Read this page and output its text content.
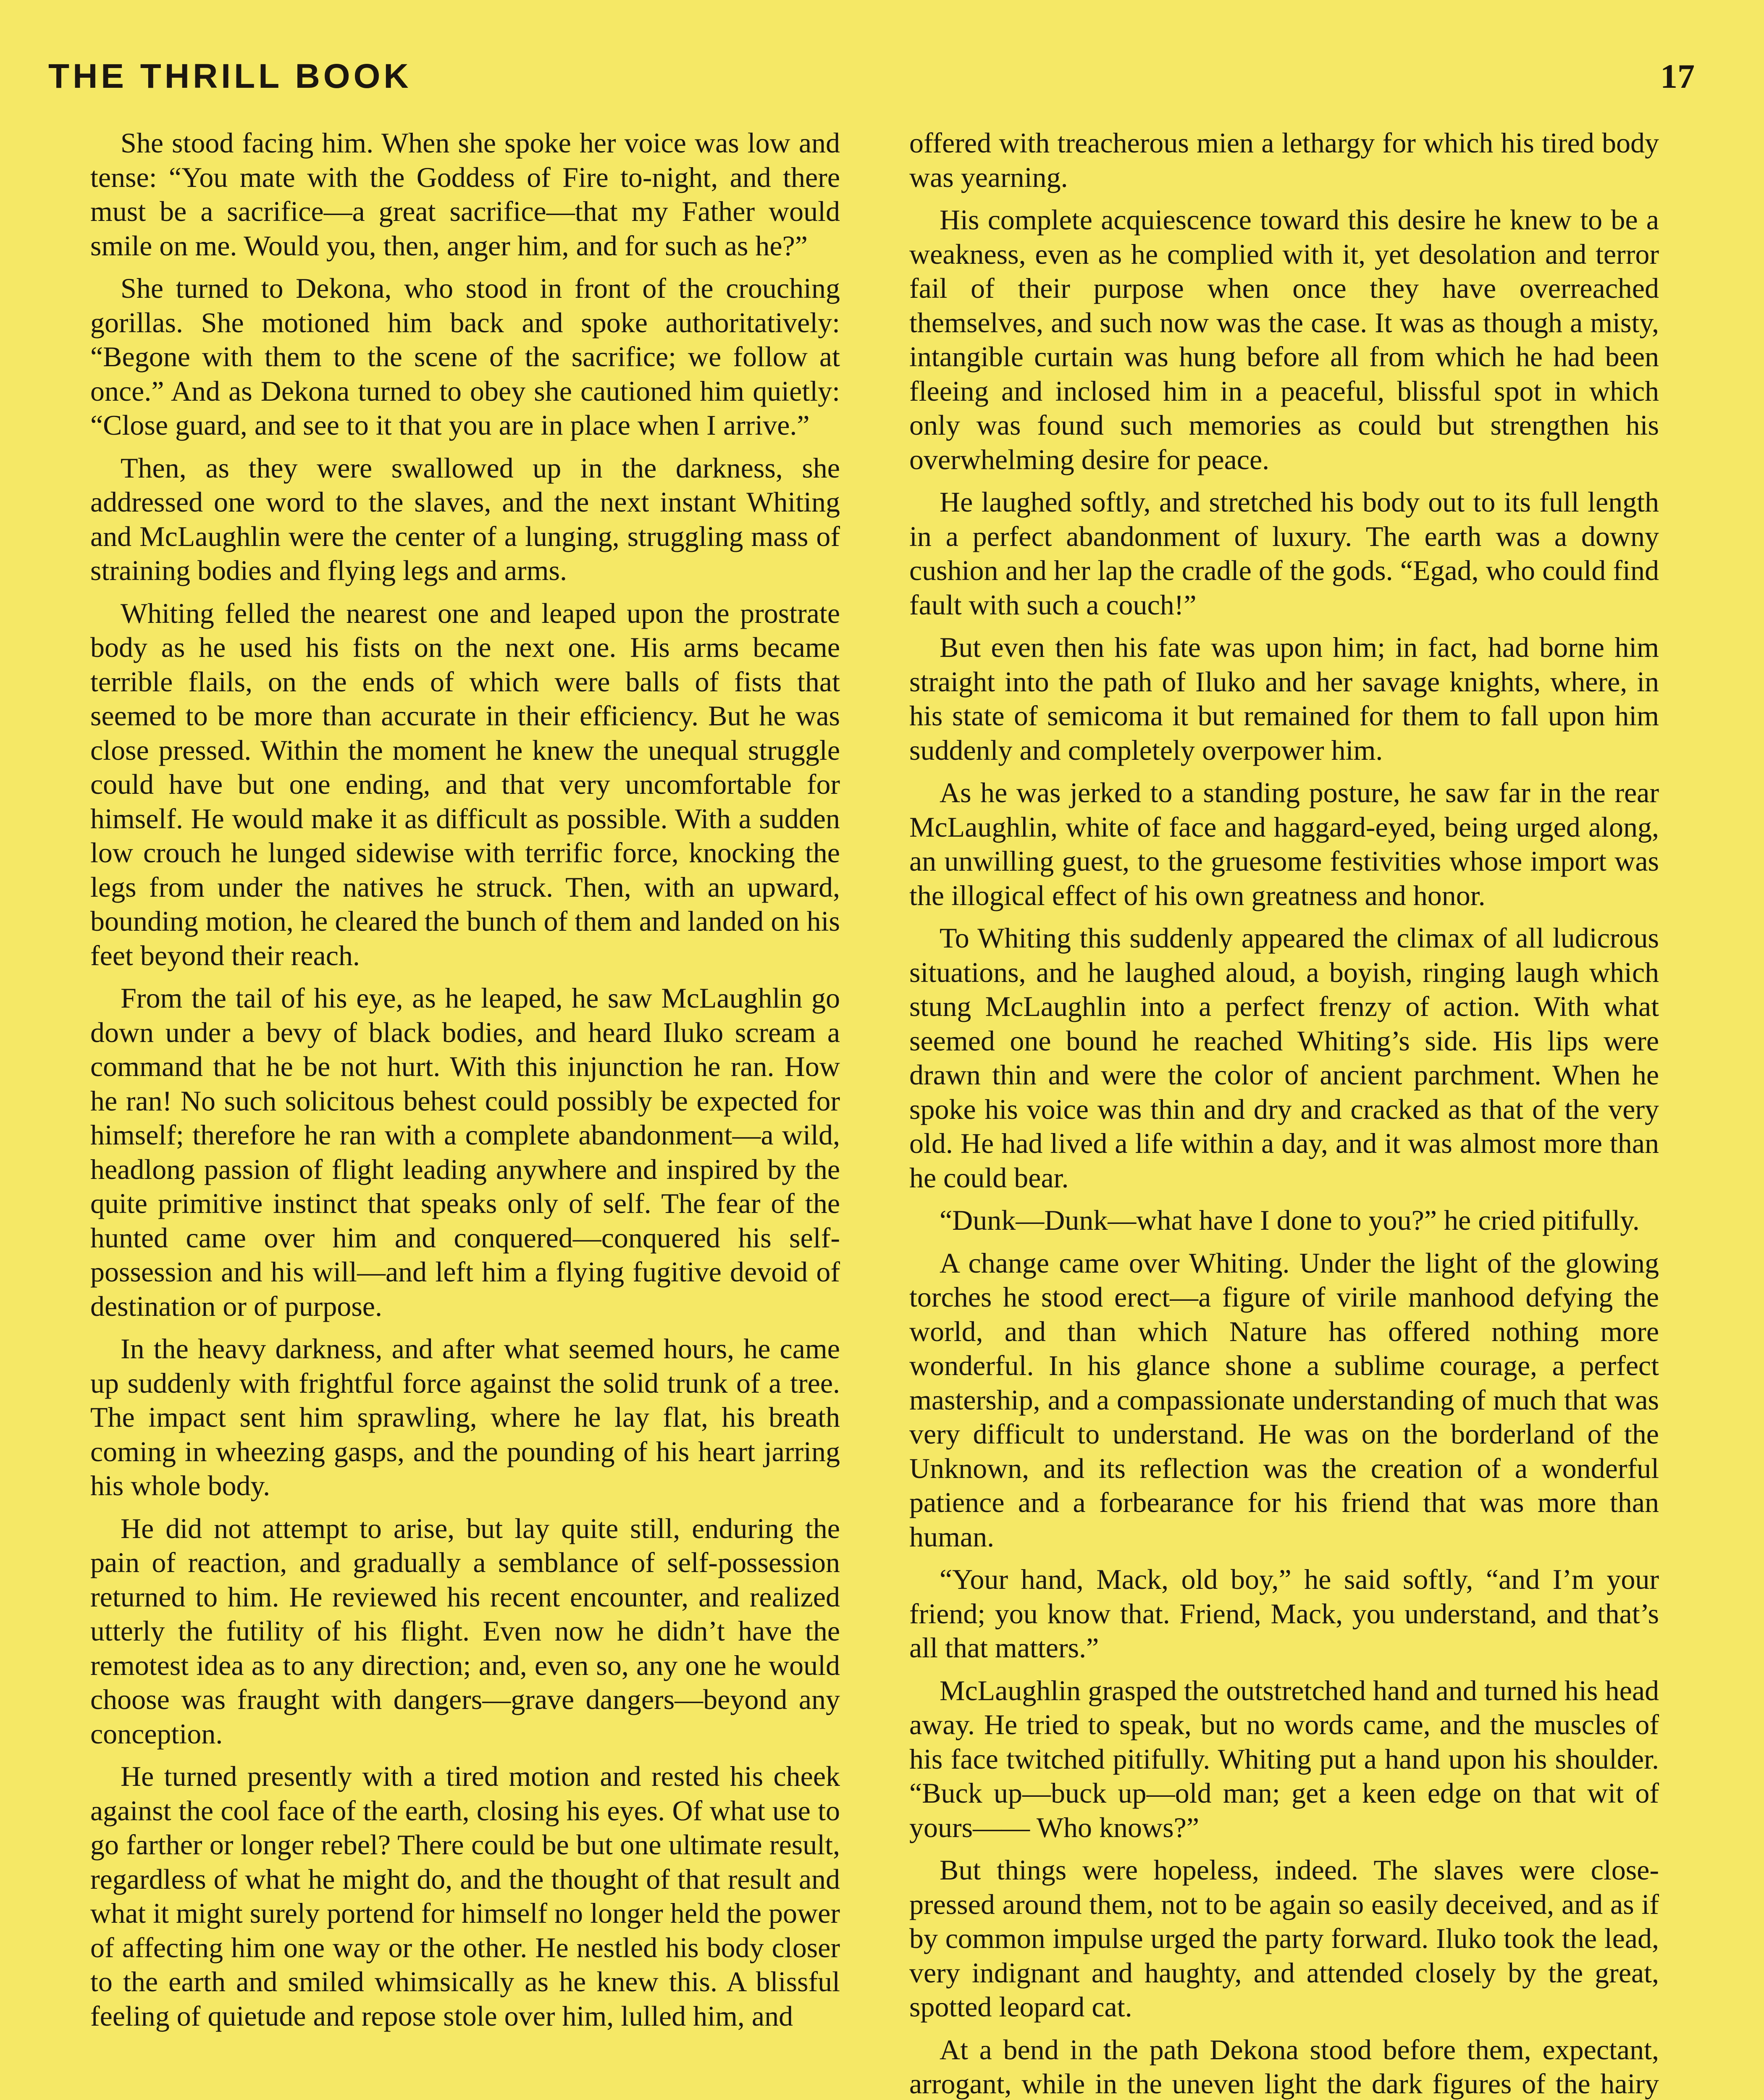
THE THRILL BOOK	17

She stood facing him. When she spoke her voice was low and tense: “You mate with the Goddess of Fire to-night, and there must be a sacrifice—a great sacrifice—that my Father would smile on me. Would you, then, anger him, and for such as he?”

She turned to Dekona, who stood in front of the crouching gorillas. She motioned him back and spoke authoritatively: “Begone with them to the scene of the sacrifice; we follow at once.” And as Dekona turned to obey she cautioned him quietly: “Close guard, and see to it that you are in place when I arrive.”

Then, as they were swallowed up in the darkness, she addressed one word to the slaves, and the next instant Whiting and McLaughlin were the center of a lunging, struggling mass of straining bodies and flying legs and arms.

Whiting felled the nearest one and leaped upon the prostrate body as he used his fists on the next one. His arms became terrible flails, on the ends of which were balls of fists that seemed to be more than accurate in their efficiency. But he was close pressed. Within the moment he knew the unequal struggle could have but one ending, and that very uncomfortable for himself. He would make it as difficult as possible. With a sudden low crouch he lunged sidewise with terrific force, knocking the legs from under the natives he struck. Then, with an upward, bounding motion, he cleared the bunch of them and landed on his feet beyond their reach.

From the tail of his eye, as he leaped, he saw McLaughlin go down under a bevy of black bodies, and heard Iluko scream a command that he be not hurt. With this injunction he ran. How he ran! No such solicitous behest could possibly be expected for himself; therefore he ran with a complete abandonment—a wild, headlong passion of flight leading anywhere and inspired by the quite primitive instinct that speaks only of self. The fear of the hunted came over him and conquered—conquered his self-possession and his will—and left him a flying fugitive devoid of destination or of purpose.

In the heavy darkness, and after what seemed hours, he came up suddenly with frightful force against the solid trunk of a tree. The impact sent him sprawling, where he lay flat, his breath coming in wheezing gasps, and the pounding of his heart jarring his whole body.

He did not attempt to arise, but lay quite still, enduring the pain of reaction, and gradually a semblance of self-possession returned to him. He reviewed his recent encounter, and realized utterly the futility of his flight. Even now he didn’t have the remotest idea as to any direction; and, even so, any one he would choose was fraught with dangers—grave dangers—beyond any conception.

He turned presently with a tired motion and rested his cheek against the cool face of the earth, closing his eyes. Of what use to go farther or longer rebel? There could be but one ultimate result, regardless of what he might do, and the thought of that result and what it might surely portend for himself no longer held the power of affecting him one way or the other. He nestled his body closer to the earth and smiled whimsically as he knew this. A blissful feeling of quietude and repose stole over him, lulled him, and

offered with treacherous mien a lethargy for which his tired body was yearning.

His complete acquiescence toward this desire he knew to be a weakness, even as he complied with it, yet desolation and terror fail of their purpose when once they have overreached themselves, and such now was the case. It was as though a misty, intangible curtain was hung before all from which he had been fleeing and inclosed him in a peaceful, blissful spot in which only was found such memories as could but strengthen his overwhelming desire for peace.

He laughed softly, and stretched his body out to its full length in a perfect abandonment of luxury. The earth was a downy cushion and her lap the cradle of the gods. “Egad, who could find fault with such a couch!”

But even then his fate was upon him; in fact, had borne him straight into the path of Iluko and her savage knights, where, in his state of semicoma it but remained for them to fall upon him suddenly and completely overpower him.

As he was jerked to a standing posture, he saw far in the rear McLaughlin, white of face and haggard-eyed, being urged along, an unwilling guest, to the gruesome festivities whose import was the illogical effect of his own greatness and honor.

To Whiting this suddenly appeared the climax of all ludicrous situations, and he laughed aloud, a boyish, ringing laugh which stung McLaughlin into a perfect frenzy of action. With what seemed one bound he reached Whiting’s side. His lips were drawn thin and were the color of ancient parchment. When he spoke his voice was thin and dry and cracked as that of the very old. He had lived a life within a day, and it was almost more than he could bear.

“Dunk—Dunk—what have I done to you?” he cried pitifully.

A change came over Whiting. Under the light of the glowing torches he stood erect—a figure of virile manhood defying the world, and than which Nature has offered nothing more wonderful. In his glance shone a sublime courage, a perfect mastership, and a compassionate understanding of much that was very difficult to understand. He was on the borderland of the Unknown, and its reflection was the creation of a wonderful patience and a forbearance for his friend that was more than human.

“Your hand, Mack, old boy,” he said softly, “and I’m your friend; you know that. Friend, Mack, you understand, and that’s all that matters.”

McLaughlin grasped the outstretched hand and turned his head away. He tried to speak, but no words came, and the muscles of his face twitched pitifully. Whiting put a hand upon his shoulder. “Buck up—buck up—old man; get a keen edge on that wit of yours—— Who knows?”

But things were hopeless, indeed. The slaves were close-pressed around them, not to be again so easily deceived, and as if by common impulse urged the party forward. Iluko took the lead, very indignant and haughty, and attended closely by the great, spotted leopard cat.

At a bend in the path Dekona stood before them, expectant, arrogant, while in the uneven light the dark figures of the hairy
